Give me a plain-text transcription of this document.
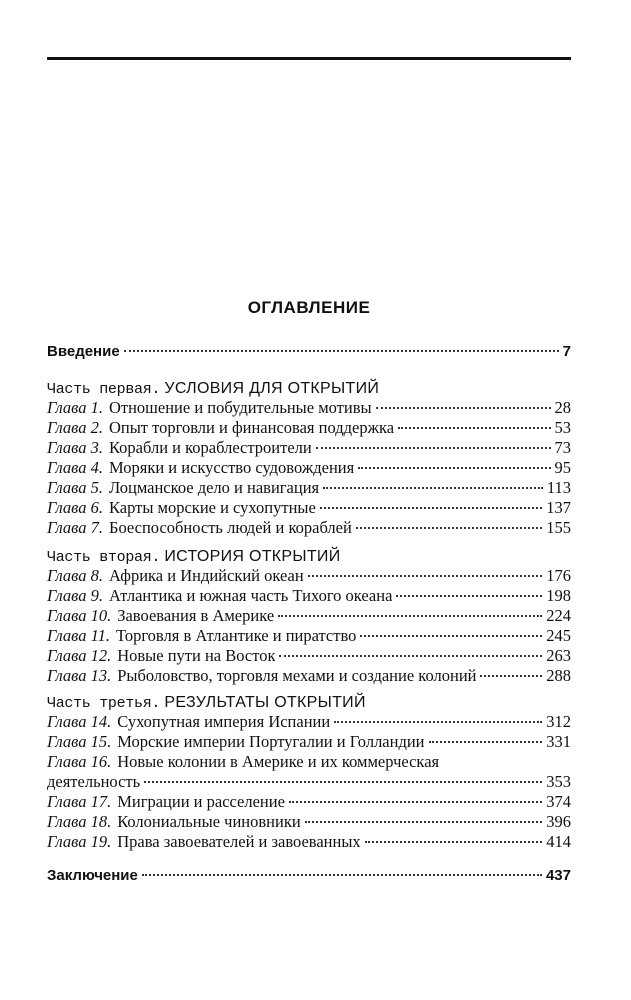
ОГЛАВЛЕНИЕ
Введение	7
Часть первая. УСЛОВИЯ ДЛЯ ОТКРЫТИЙ
Глава 1. Отношение и побудительные мотивы	28
Глава 2. Опыт торговли и финансовая поддержка	53
Глава 3. Корабли и кораблестроители	73
Глава 4. Моряки и искусство судовождения	95
Глава 5. Лоцманское дело и навигация	113
Глава 6. Карты морские и сухопутные	137
Глава 7. Боеспособность людей и кораблей	155
Часть вторая. ИСТОРИЯ ОТКРЫТИЙ
Глава 8. Африка и Индийский океан	176
Глава 9. Атлантика и южная часть Тихого океана	198
Глава 10. Завоевания в Америке	224
Глава 11. Торговля в Атлантике и пиратство	245
Глава 12. Новые пути на Восток	263
Глава 13. Рыболовство, торговля мехами и создание колоний	288
Часть третья. РЕЗУЛЬТАТЫ ОТКРЫТИЙ
Глава 14. Сухопутная империя Испании	312
Глава 15. Морские империи Португалии и Голландии	331
Глава 16. Новые колонии в Америке и их коммерческая
деятельность	353
Глава 17. Миграции и расселение	374
Глава 18. Колониальные чиновники	396
Глава 19. Права завоевателей и завоеванных	414
Заключение	437
